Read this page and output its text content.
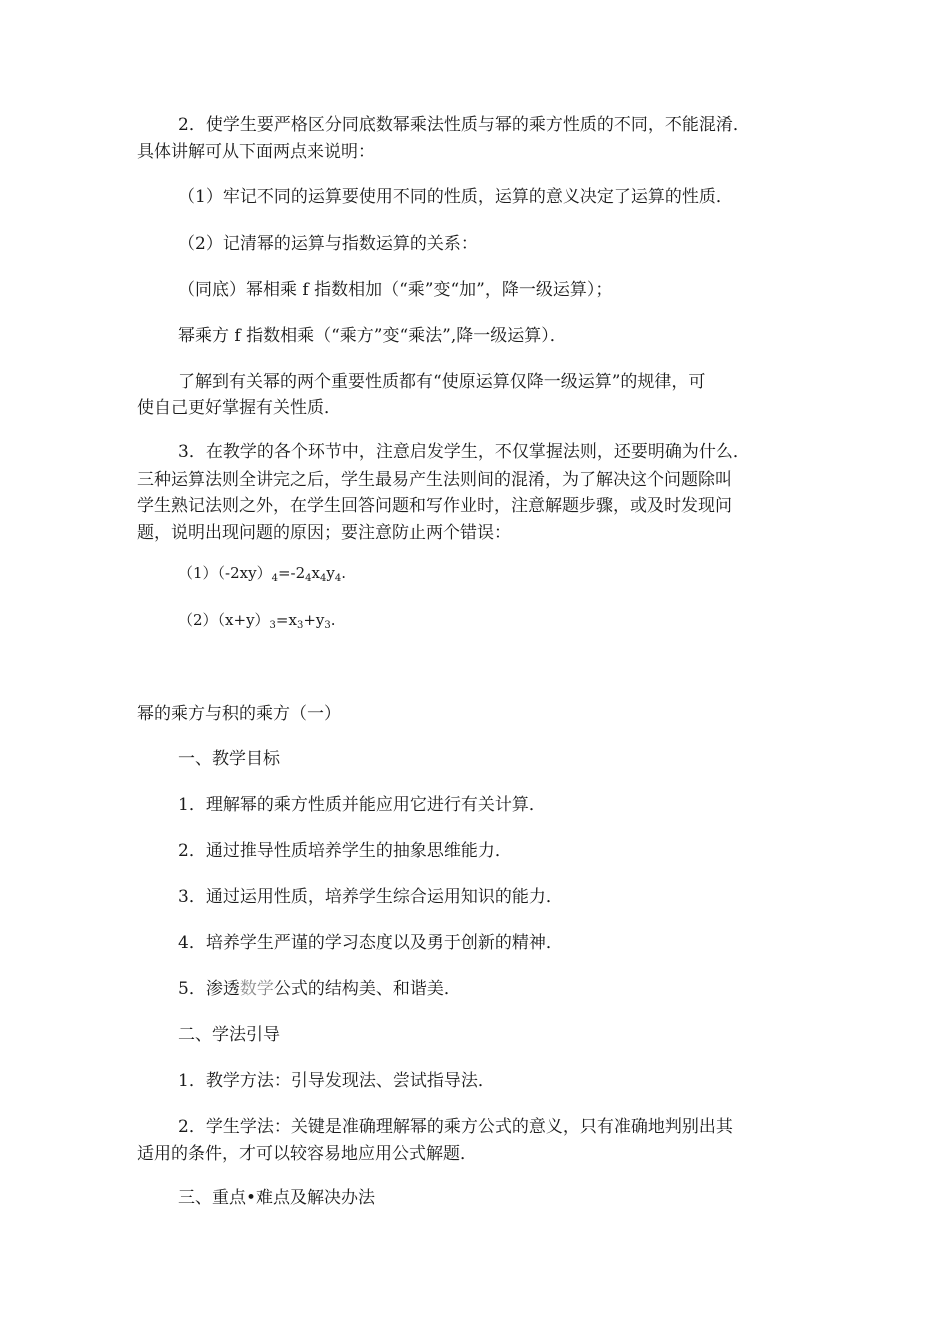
2．使学生要严格区分同底数幂乘法性质与幂的乘方性质的不同，不能混淆．
具体讲解可从下面两点来说明：
（1）牢记不同的运算要使用不同的性质，运算的意义决定了运算的性质．
（2）记清幂的运算与指数运算的关系：
（同底）幂相乘 f 指数相加（“乘”变“加”，降一级运算）；
幂乘方 f 指数相乘（“乘方”变“乘法”,降一级运算）．
了解到有关幂的两个重要性质都有“使原运算仅降一级运算”的规律，可
使自己更好掌握有关性质．
3．在教学的各个环节中，注意启发学生，不仅掌握法则，还要明确为什么．
三种运算法则全讲完之后，学生最易产生法则间的混淆，为了解决这个问题除叫
学生熟记法则之外，在学生回答问题和写作业时，注意解题步骤，或及时发现问
题，说明出现问题的原因；要注意防止两个错误：
$(1)(-2xy)_4=-2_4x_4y_4$.
$(2)(x+y)_3=x_3+y_3$.
幂的乘方与积的乘方（一）
一、教学目标
1．理解幂的乘方性质并能应用它进行有关计算．
2．通过推导性质培养学生的抽象思维能力．
3．通过运用性质，培养学生综合运用知识的能力．
4．培养学生严谨的学习态度以及勇于创新的精神．
5．渗透数学公式的结构美、和谐美．
二、学法引导
1．教学方法：引导发现法、尝试指导法．
2．学生学法：关键是准确理解幂的乘方公式的意义，只有准确地判别出其
适用的条件，才可以较容易地应用公式解题．
三、重点•难点及解决办法
